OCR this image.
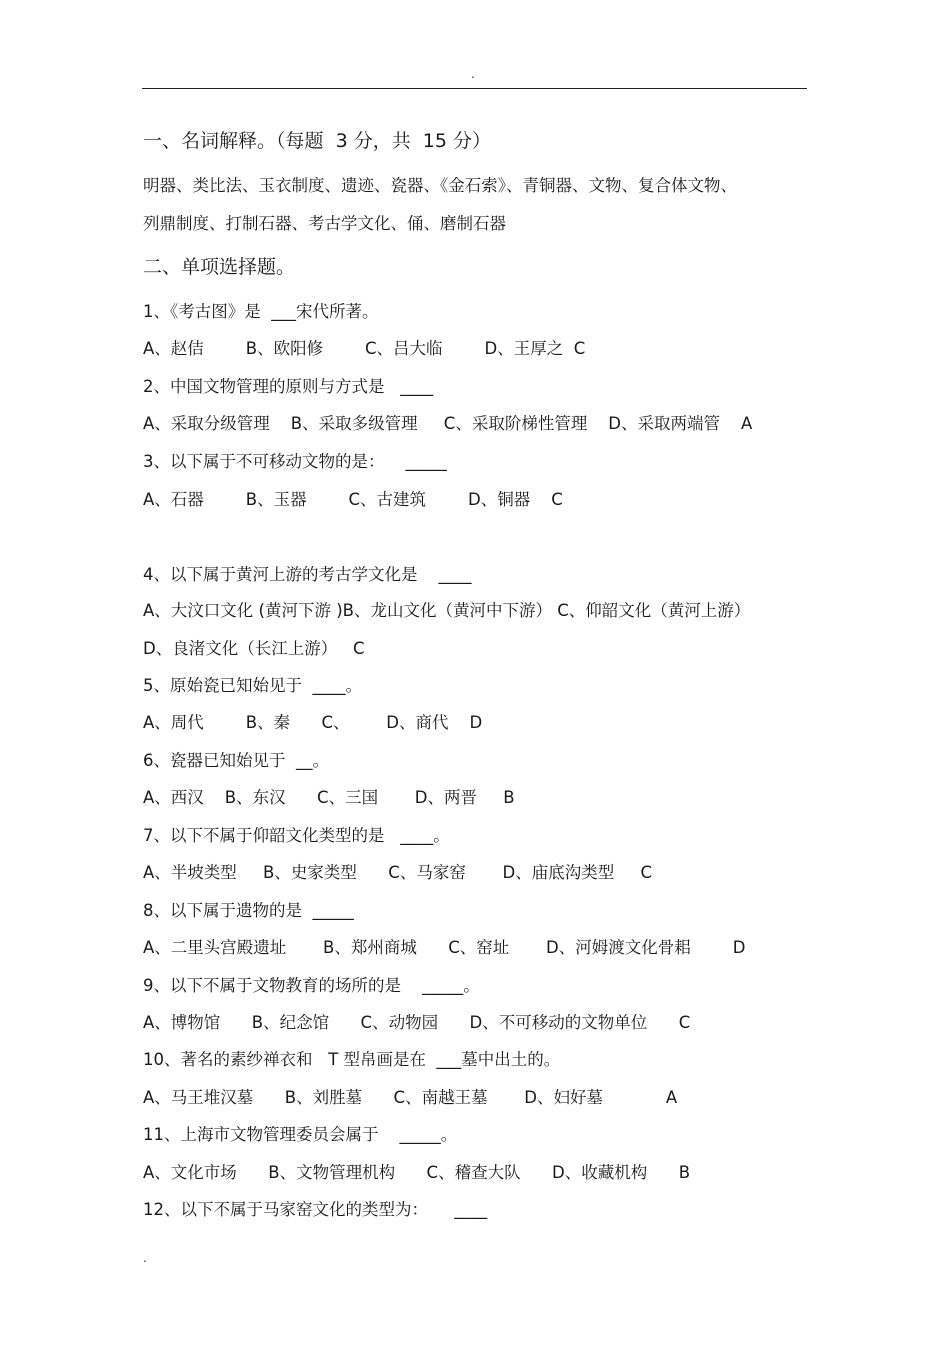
.
一、名词解释。（每题  3 分，共  15 分）
明器、类比法、玉衣制度、遗迹、瓷器、《金石索》、青铜器、文物、复合体文物、
列鼎制度、打制石器、考古学文化、俑、磨制石器
二、单项选择题。
1、《考古图》是  ___宋代所著。
A、赵佶        B、欧阳修        C、吕大临        D、王厚之  C
2、中国文物管理的原则与方式是   ____
A、采取分级管理    B、采取多级管理     C、采取阶梯性管理    D、采取两端管    A
3、以下属于不可移动文物的是：    _____
A、石器        B、玉器        C、古建筑        D、铜器    C
4、以下属于黄河上游的考古学文化是    ____
A、大汶口文化 (黄河下游 )B、龙山文化（黄河中下游） C、仰韶文化（黄河上游）
D、良渚文化（长江上游）   C
5、原始瓷已知始见于  ____。
A、周代        B、秦      C、       D、商代    D
6、瓷器已知始见于  __。
A、西汉    B、东汉      C、三国       D、两晋     B
7、以下不属于仰韶文化类型的是   ____。
A、半坡类型     B、史家类型      C、马家窑       D、庙底沟类型     C
8、以下属于遗物的是  _____
A、二里头宫殿遗址       B、郑州商城      C、窑址       D、河姆渡文化骨耜        D
9、以下不属于文物教育的场所的是    _____。
A、博物馆      B、纪念馆      C、动物园      D、不可移动的文物单位      C
10、著名的素纱禅衣和   T 型帛画是在  ___墓中出土的。
A、马王堆汉墓      B、刘胜墓      C、南越王墓       D、妇好墓            A
11、上海市文物管理委员会属于    _____。
A、文化市场      B、文物管理机构      C、稽查大队      D、收藏机构      B
12、以下不属于马家窑文化的类型为：     ____
.
